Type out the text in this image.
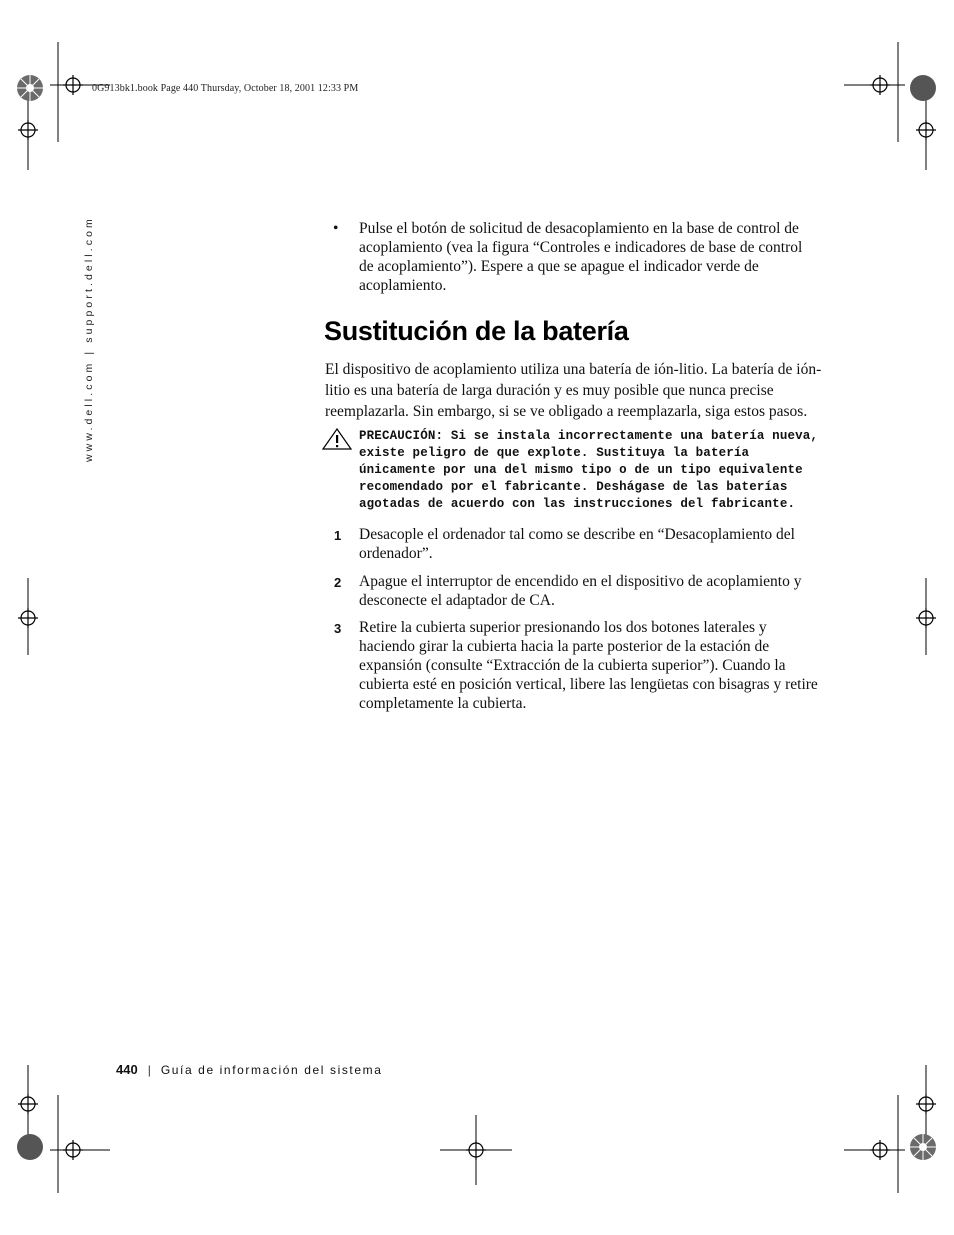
0G913bk1.book Page 440 Thursday, October 18, 2001 12:33 PM
www.dell.com | support.dell.com	• Pulse el botón de solicitud de desacoplamiento en la base de control de acoplamiento (vea la figura “Controles e indicadores de base de control de acoplamiento”). Espere a que se apague el indicador verde de acoplamiento.
Sustitución de la batería
El dispositivo de acoplamiento utiliza una batería de ión-litio. La batería de ión-litio es una batería de larga duración y es muy posible que nunca precise reemplazarla. Sin embargo, si se ve obligado a reemplazarla, siga estos pasos.
PRECAUCIÓN: Si se instala incorrectamente una batería nueva, existe peligro de que explote. Sustituya la batería únicamente por una del mismo tipo o de un tipo equivalente recomendado por el fabricante. Deshágase de las baterías agotadas de acuerdo con las instrucciones del fabricante.
1 Desacople el ordenador tal como se describe en “Desacoplamiento del ordenador”.
2 Apague el interruptor de encendido en el dispositivo de acoplamiento y desconecte el adaptador de CA.
3 Retire la cubierta superior presionando los dos botones laterales y haciendo girar la cubierta hacia la parte posterior de la estación de expansión (consulte “Extracción de la cubierta superior”). Cuando la cubierta esté en posición vertical, libere las lengüetas con bisagras y retire completamente la cubierta.
440 | Guía de información del sistema
